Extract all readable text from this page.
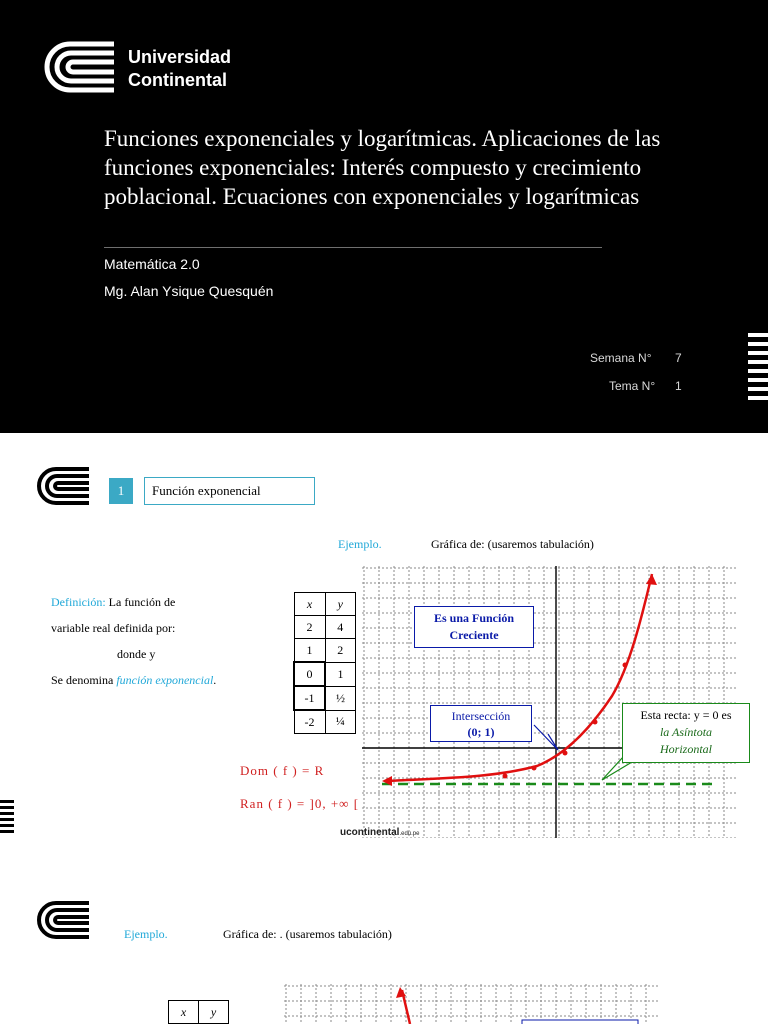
Universidad
Continental
Funciones exponenciales y logarítmicas. Aplicaciones de las funciones exponenciales: Interés compuesto y crecimiento poblacional. Ecuaciones con exponenciales y logarítmicas
Matemática 2.0
Mg. Alan Ysique Quesquén
Semana N° 7
Tema N° 1
1	Función exponencial
Ejemplo.	Gráfica de: (usaremos tabulación)
Definición: La función de
variable real definida por:
donde y
Se denomina función exponencial.
x	y
2	4
1	2
0	1
-1	½
-2	¼
Es una Función Creciente
Intersección
(0; 1)
Esta recta: y = 0 es
la Asíntota
Horizontal
Dom ( f ) = R
Ran ( f ) = ]0, +∞ [
ucontinental.edu.pe
Ejemplo.	Gráfica de: . (usaremos tabulación)
x	y
